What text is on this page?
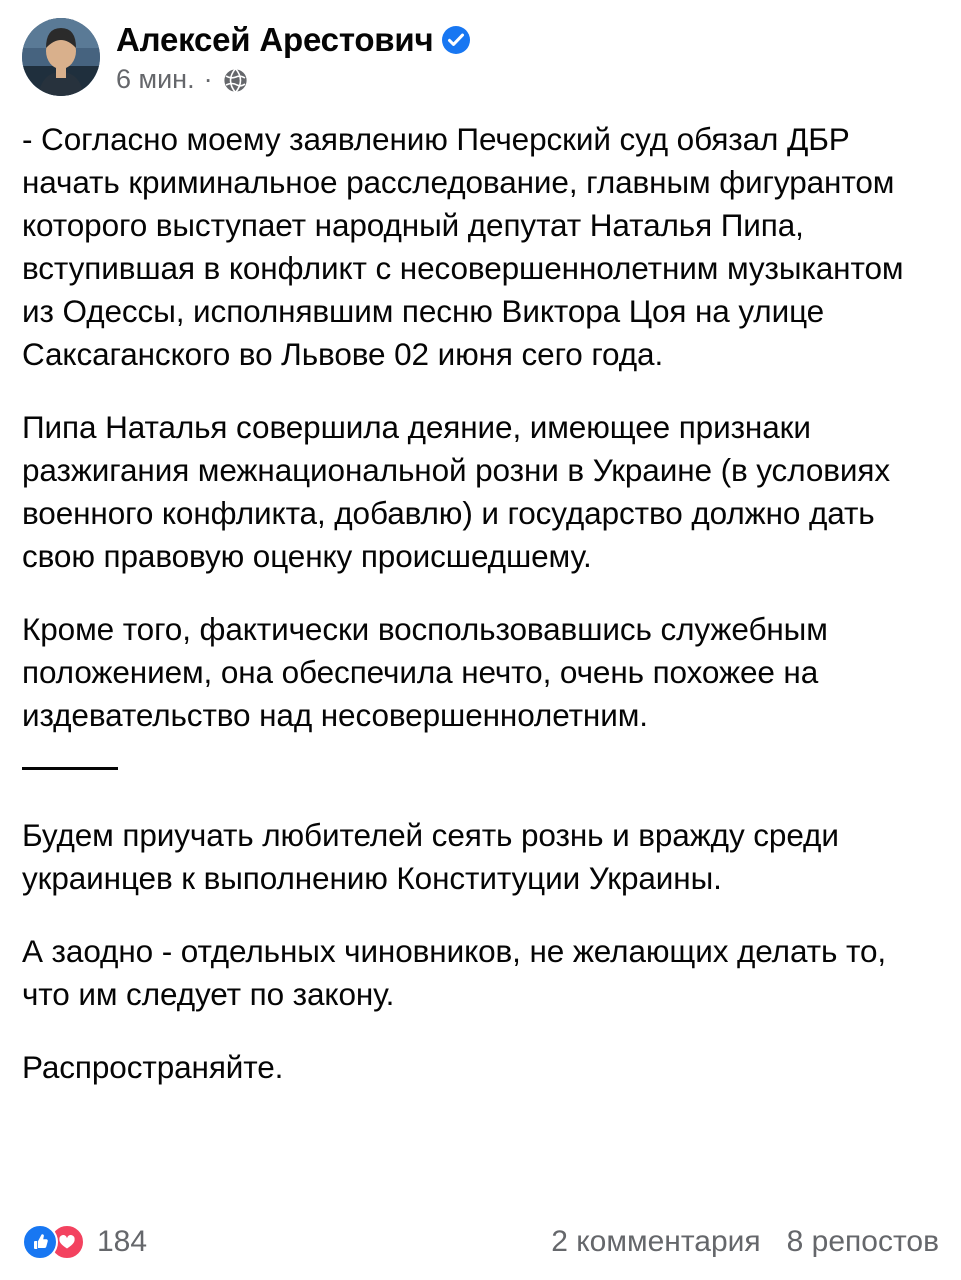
Алексей Арестович
6 мин. ·

- Согласно моему заявлению Печерский суд обязал ДБР начать криминальное расследование, главным фигурантом которого выступает народный депутат Наталья Пипа, вступившая в конфликт с несовершеннолетним музыкантом из Одессы, исполнявшим песню Виктора Цоя на улице Саксаганского во Львове 02 июня сего года.

Пипа Наталья совершила деяние, имеющее признаки разжигания межнациональной розни в Украине (в условиях военного конфликта, добавлю) и государство должно дать свою правовую оценку происшедшему.

Кроме того, фактически воспользовавшись служебным положением, она обеспечила нечто, очень похожее на издевательство над несовершеннолетним.

Будем приучать любителей сеять рознь и вражду среди украинцев к выполнению Конституции Украины.

А заодно - отдельных чиновников, не желающих делать то, что им следует по закону.

Распространяйте.

184	2 комментария 8 репостов
